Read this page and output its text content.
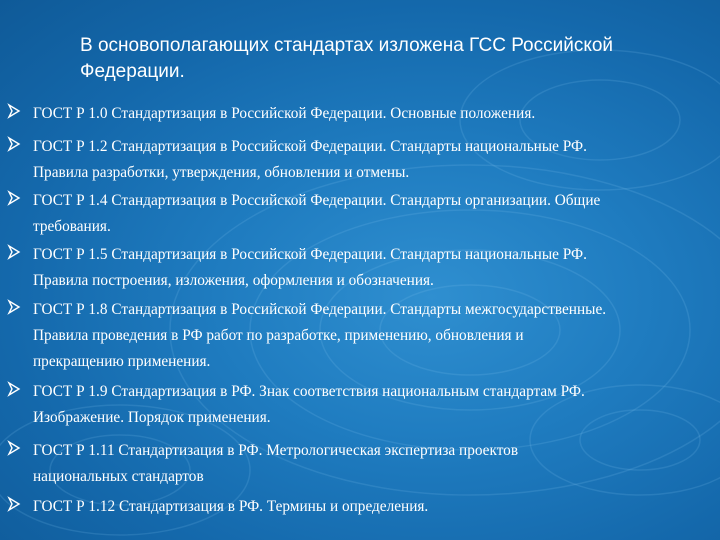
В основополагающих стандартах изложена ГСС Российской
Федерации.
ГОСТ Р 1.0 Стандартизация в Российской Федерации. Основные положения.
ГОСТ Р 1.2 Стандартизация в Российской Федерации. Стандарты национальные РФ.
Правила разработки, утверждения, обновления и отмены.
ГОСТ Р 1.4 Стандартизация в Российской Федерации. Стандарты организации. Общие
требования.
ГОСТ Р 1.5 Стандартизация в Российской Федерации. Стандарты национальные РФ.
Правила построения, изложения, оформления и обозначения.
ГОСТ Р 1.8 Стандартизация в Российской Федерации. Стандарты межгосударственные.
Правила проведения в РФ работ по разработке, применению, обновления и
прекращению применения.
ГОСТ Р 1.9 Стандартизация в РФ. Знак соответствия национальным стандартам РФ.
Изображение. Порядок применения.
ГОСТ Р 1.11 Стандартизация в РФ. Метрологическая экспертиза проектов
национальных стандартов
ГОСТ Р 1.12 Стандартизация в РФ. Термины и определения.
